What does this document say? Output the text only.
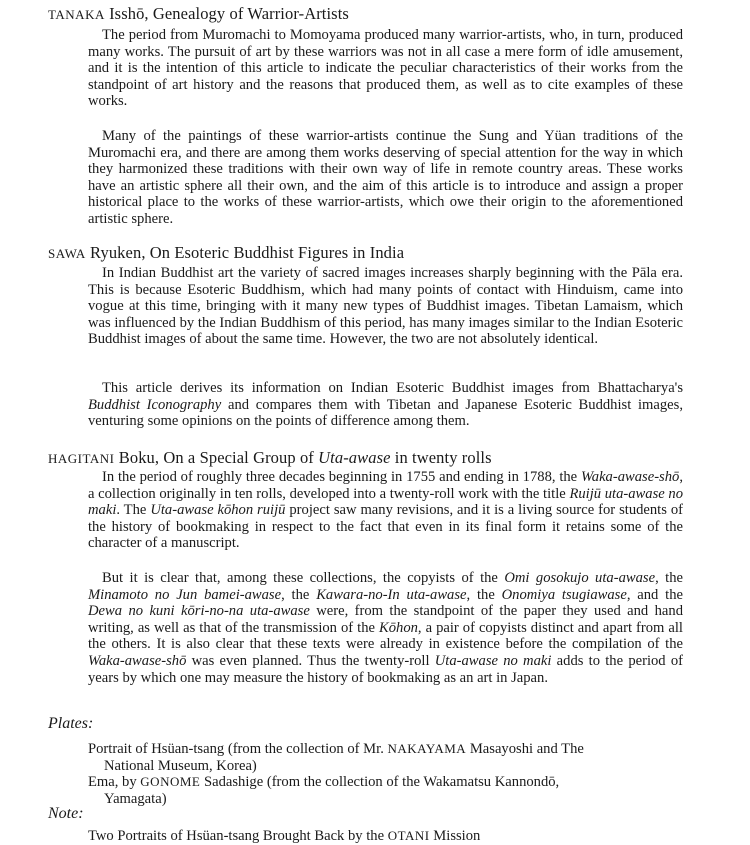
TANAKA Isshō, Genealogy of Warrior-Artists

The period from Muromachi to Momoyama produced many warrior-artists, who, in turn, produced many works. The pursuit of art by these warriors was not in all case a mere form of idle amusement, and it is the intention of this article to indicate the peculiar characteristics of their works from the standpoint of art history and the reasons that produced them, as well as to cite examples of these works.

Many of the paintings of these warrior-artists continue the Sung and Yüan traditions of the Muromachi era, and there are among them works deserving of special attention for the way in which they harmonized these traditions with their own way of life in remote country areas. These works have an artistic sphere all their own, and the aim of this article is to introduce and assign a proper historical place to the works of these warrior-artists, which owe their origin to the aforementioned artistic sphere.

SAWA Ryuken, On Esoteric Buddhist Figures in India

In Indian Buddhist art the variety of sacred images increases sharply beginning with the Pāla era. This is because Esoteric Buddhism, which had many points of contact with Hinduism, came into vogue at this time, bringing with it many new types of Buddhist images. Tibetan Lamaism, which was influenced by the Indian Buddhism of this period, has many images similar to the Indian Esoteric Buddhist images of about the same time. However, the two are not absolutely identical.

This article derives its information on Indian Esoteric Buddhist images from Bhattacharya's Buddhist Iconography and compares them with Tibetan and Japanese Esoteric Buddhist images, venturing some opinions on the points of difference among them.

HAGITANI Boku, On a Special Group of Uta-awase in twenty rolls

In the period of roughly three decades beginning in 1755 and ending in 1788, the Waka-awase-shō, a collection originally in ten rolls, developed into a twenty-roll work with the title Ruijū uta-awase no maki. The Uta-awase kōhon ruijū project saw many revisions, and it is a living source for students of the history of bookmaking in respect to the fact that even in its final form it retains some of the character of a manuscript.

But it is clear that, among these collections, the copyists of the Omi gosokujo uta-awase, the Minamoto no Jun bamei-awase, the Kawara-no-In uta-awase, the Onomiya tsugiawase, and the Dewa no kuni kōri-no-na uta-awase were, from the standpoint of the paper they used and hand writing, as well as that of the transmission of the Kōhon, a pair of copyists distinct and apart from all the others. It is also clear that these texts were already in existence before the compilation of the Waka-awase-shō was even planned. Thus the twenty-roll Uta-awase no maki adds to the period of years by which one may measure the history of bookmaking as an art in Japan.

Plates:

Portrait of Hsüan-tsang (from the collection of Mr. NAKAYAMA Masayoshi and The
National Museum, Korea)

Ema, by GONOME Sadashige (from the collection of the Wakamatsu Kannondō,
Yamagata)

Note:

Two Portraits of Hsüan-tsang Brought Back by the OTANI Mission
